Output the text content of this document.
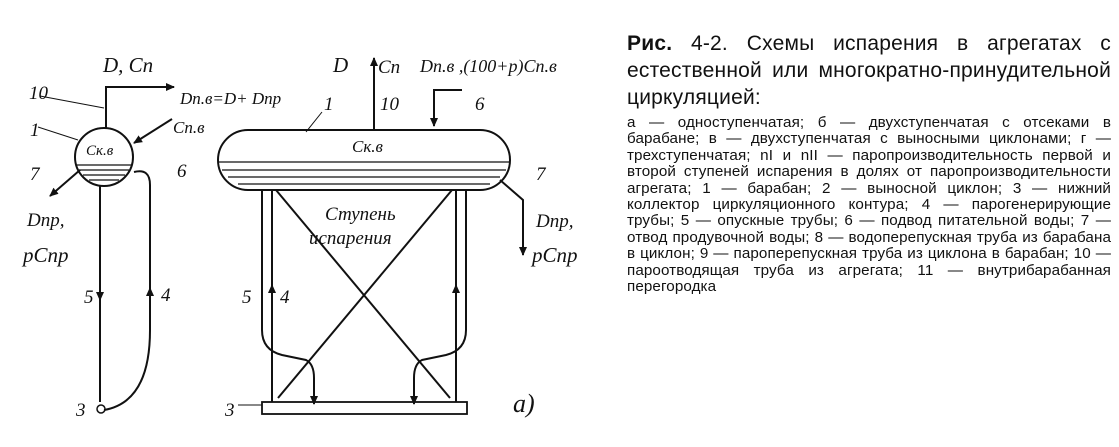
D, Cп
Dп.в=D+ Dпр
Cп.в
Cк.в
Dпр,
pCпр
10
1
7	6
5	4
3
D Cп Dп.в ,(100+p)Cп.в
Cк.в
Ступень
испарения
Dпр,
pCпр
1 10	6
7
5 4
3	а)

Рис. 4-2. Схемы испарения в агрегатах с естественной или многократно-принудительной циркуляцией:

а — одноступенчатая; б — двухступенчатая с отсеками в барабане; в — двухступенчатая с выносными циклонами; г — трехступенчатая; nI и nII — паропроизводительность первой и второй ступеней испарения в долях от паропроизводительности агрегата; 1 — барабан; 2 — выносной циклон; 3 — нижний коллектор циркуляционного контура; 4 — парогенерирующие трубы; 5 — опускные трубы; 6 — подвод питательной воды; 7 — отвод продувочной воды; 8 — водоперепускная труба из барабана в циклон; 9 — пароперепускная труба из циклона в барабан; 10 — пароотводящая труба из агрегата; 11 — внутрибарабанная перегородка
